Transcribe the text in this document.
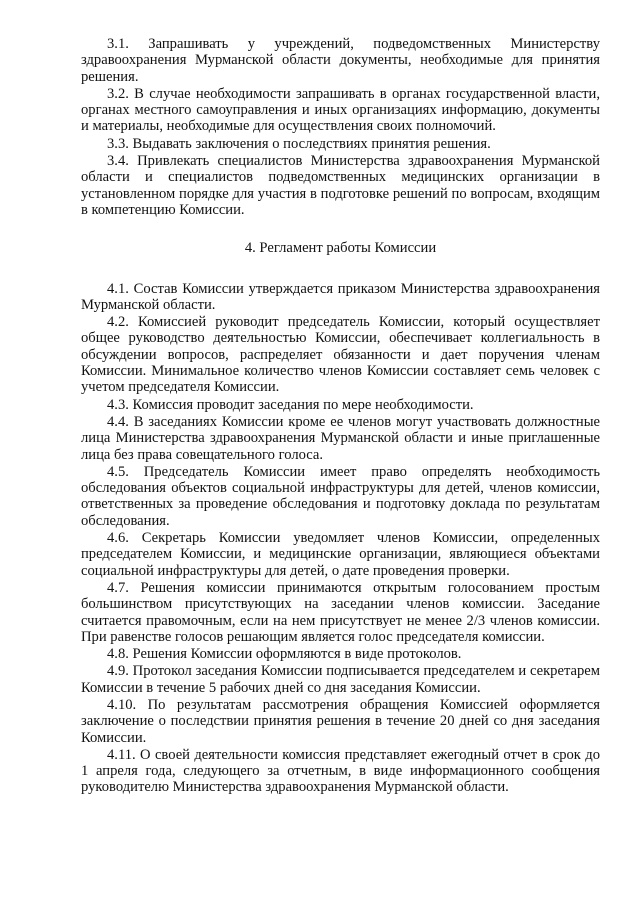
3.1. Запрашивать у учреждений, подведомственных Министерству здравоохранения Мурманской области документы, необходимые для принятия решения.

3.2. В случае необходимости запрашивать в органах государственной власти, органах местного самоуправления и иных организациях информацию, документы и материалы, необходимые для осуществления своих полномочий.

3.3. Выдавать заключения о последствиях принятия решения.

3.4. Привлекать специалистов Министерства здравоохранения Мурманской области и специалистов подведомственных медицинских организации в установленном порядке для участия в подготовке решений по вопросам, входящим в компетенцию Комиссии.

4. Регламент работы Комиссии

4.1. Состав Комиссии утверждается приказом Министерства здравоохранения Мурманской области.

4.2. Комиссией руководит председатель Комиссии, который осуществляет общее руководство деятельностью Комиссии, обеспечивает коллегиальность в обсуждении вопросов, распределяет обязанности и дает поручения членам Комиссии. Минимальное количество членов Комиссии составляет семь человек с учетом председателя Комиссии.

4.3. Комиссия проводит заседания по мере необходимости.

4.4. В заседаниях Комиссии кроме ее членов могут участвовать должностные лица Министерства здравоохранения Мурманской области и иные приглашенные лица без права совещательного голоса.

4.5. Председатель Комиссии имеет право определять необходимость обследования объектов социальной инфраструктуры для детей, членов комиссии, ответственных за проведение обследования и подготовку доклада по результатам обследования.

4.6. Секретарь Комиссии уведомляет членов Комиссии, определенных председателем Комиссии, и медицинские организации, являющиеся объектами социальной инфраструктуры для детей, о дате проведения проверки.

4.7. Решения комиссии принимаются открытым голосованием простым большинством присутствующих на заседании членов комиссии. Заседание считается правомочным, если на нем присутствует не менее 2/3 членов комиссии. При равенстве голосов решающим является голос председателя комиссии.

4.8. Решения Комиссии оформляются в виде протоколов.

4.9. Протокол заседания Комиссии подписывается председателем и секретарем Комиссии в течение 5 рабочих дней со дня заседания Комиссии.

4.10. По результатам рассмотрения обращения Комиссией оформляется заключение о последствии принятия решения в течение 20 дней со дня заседания Комиссии.

4.11. О своей деятельности комиссия представляет ежегодный отчет в срок до 1 апреля года, следующего за отчетным, в виде информационного сообщения руководителю Министерства здравоохранения Мурманской области.
